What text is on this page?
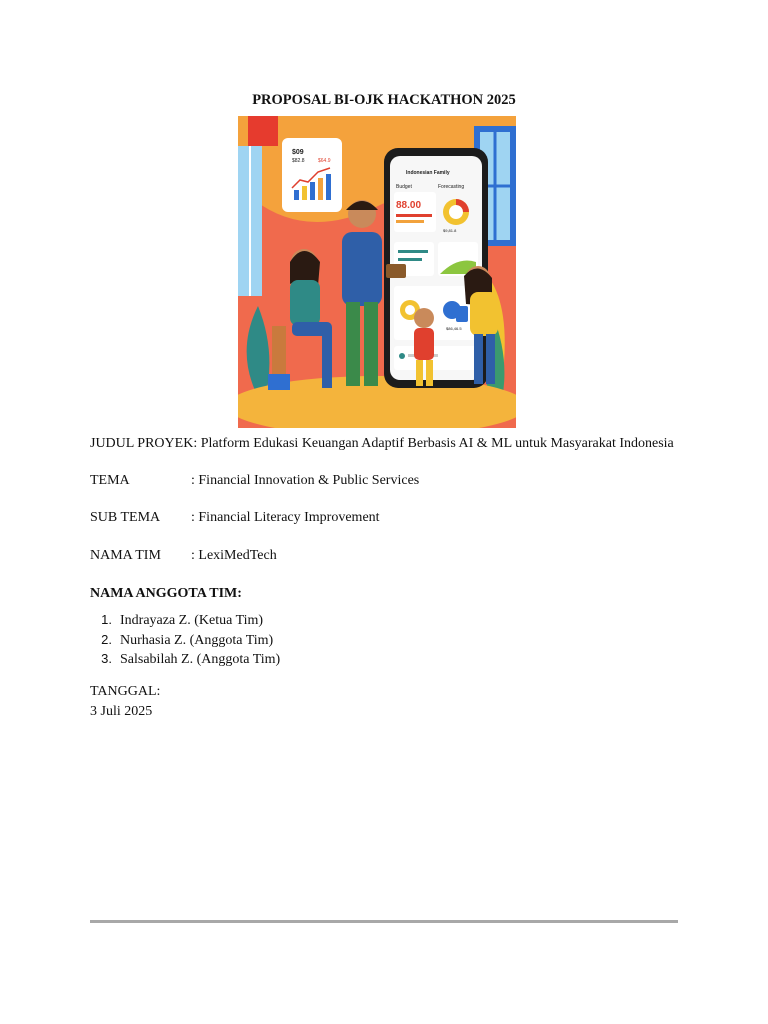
PROPOSAL BI-OJK HACKATHON 2025
$09
$82.8	$64.9
Indonesian Family
Budget	Forecasting
88.00
$9,81.8
$86,46.5
JUDUL PROYEK: Platform Edukasi Keuangan Adaptif Berbasis AI & ML untuk Masyarakat Indonesia
TEMA	: Financial Innovation & Public Services
SUB TEMA : Financial Literacy Improvement
NAMA TIM : LexiMedTech
NAMA ANGGOTA TIM:
1. Indrayaza Z. (Ketua Tim)
2. Nurhasia Z. (Anggota Tim)
3. Salsabilah Z. (Anggota Tim)
TANGGAL:
3 Juli 2025
